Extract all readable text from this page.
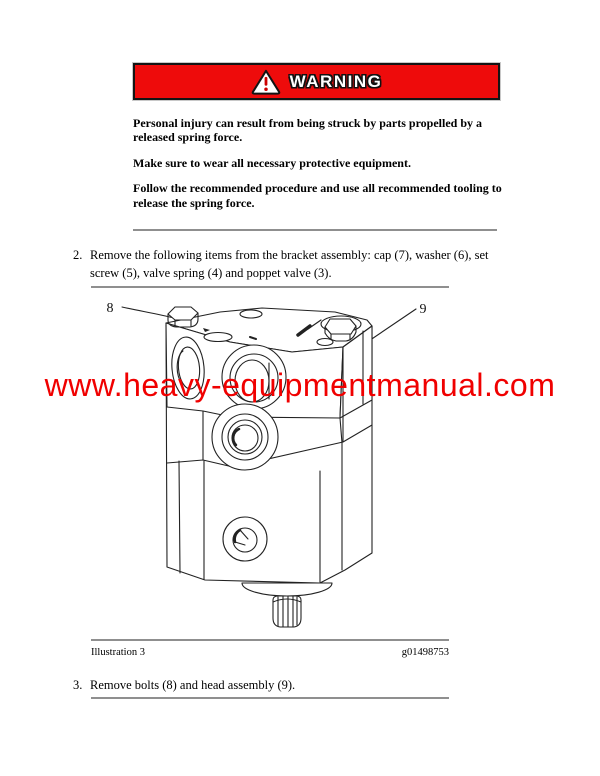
WARNING

Personal injury can result from being struck by parts propelled by a released spring force.

Make sure to wear all necessary protective equipment.

Follow the recommended procedure and use all recommended tooling to release the spring force.

2. Remove the following items from the bracket assembly: cap (7), washer (6), set screw (5), valve spring (4) and poppet valve (3).
8	9
www.heavy-equipmentmanual.com
Illustration 3	g01498753
3. Remove bolts (8) and head assembly (9).
